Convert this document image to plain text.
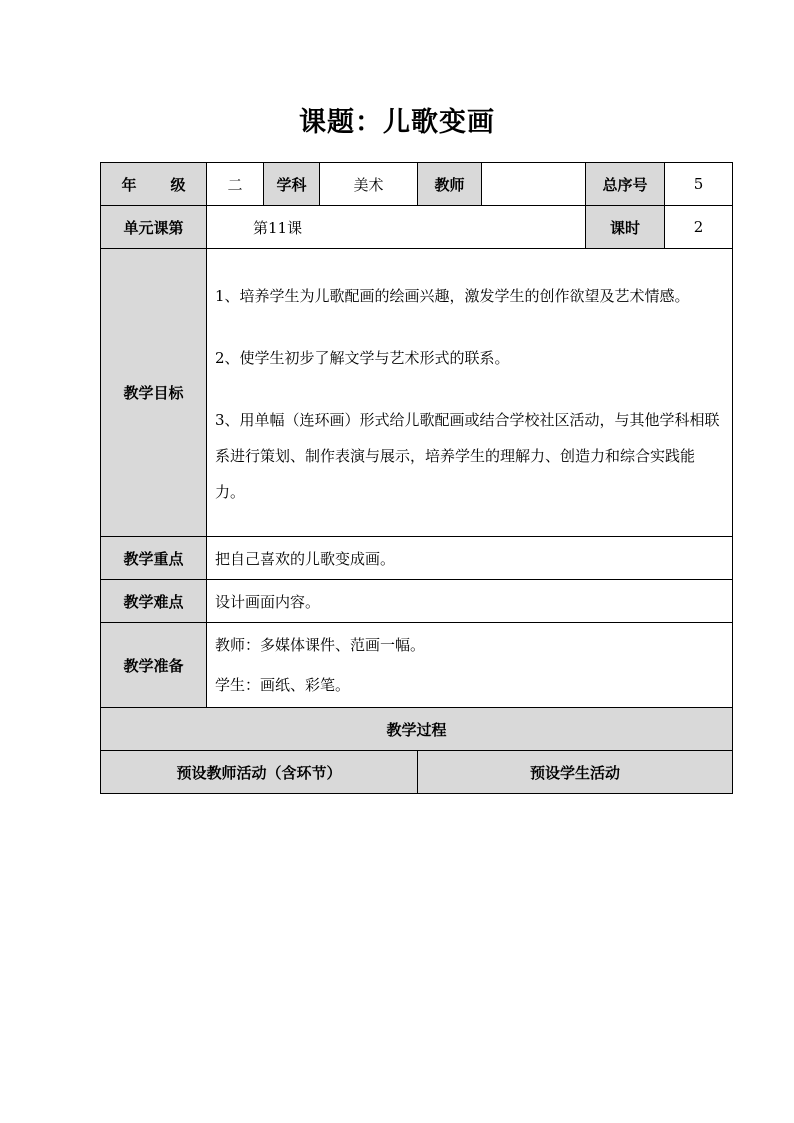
课题：儿歌变画
年 级	二	学科	美术	教师		总序号	5
单元课第	第11课					课时	2
教学目标	1、培养学生为儿歌配画的绘画兴趣，激发学生的创作欲望及艺术情感。

2、使学生初步了解文学与艺术形式的联系。

3、用单幅（连环画）形式给儿歌配画或结合学校社区活动，与其他学科相联系进行策划、制作表演与展示，培养学生的理解力、创造力和综合实践能力。						

教学重点	把自己喜欢的儿歌变成画。						
教学难点	设计画面内容。						
教学准备	教师：多媒体课件、范画一幅。

学生：画纸、彩笔。						

教学过程							
预设教师活动（含环节）				预设学生活动			
